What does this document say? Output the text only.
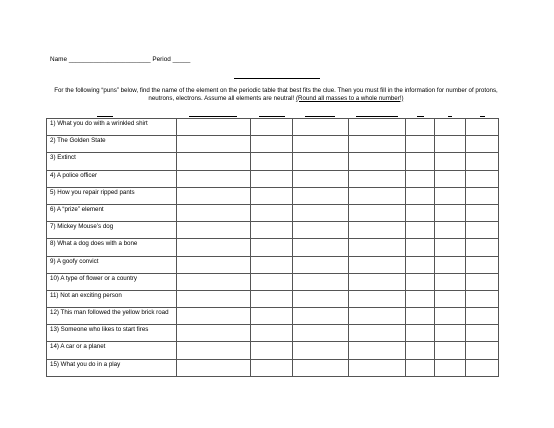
Name _______________________ Period _____
For the following “puns” below, find the name of the element on the periodic table that best fits the clue. Then you must fill in the information for number of protons, neutrons, electrons. Assume all elements are neutral! (Round all masses to a whole number!)

1) What you do with a wrinkled shirt							
2) The Golden State							
3) Extinct							
4) A police officer							
5) How you repair ripped pants							
6) A “prize” element							
7) Mickey Mouse’s dog							
8) What a dog does with a bone							
9) A goofy convict							
10) A type of flower or a country							
11) Not an exciting person							
12) This man followed the yellow brick road							
13) Someone who likes to start fires							
14) A car or a planet							
15) What you do in a play							
